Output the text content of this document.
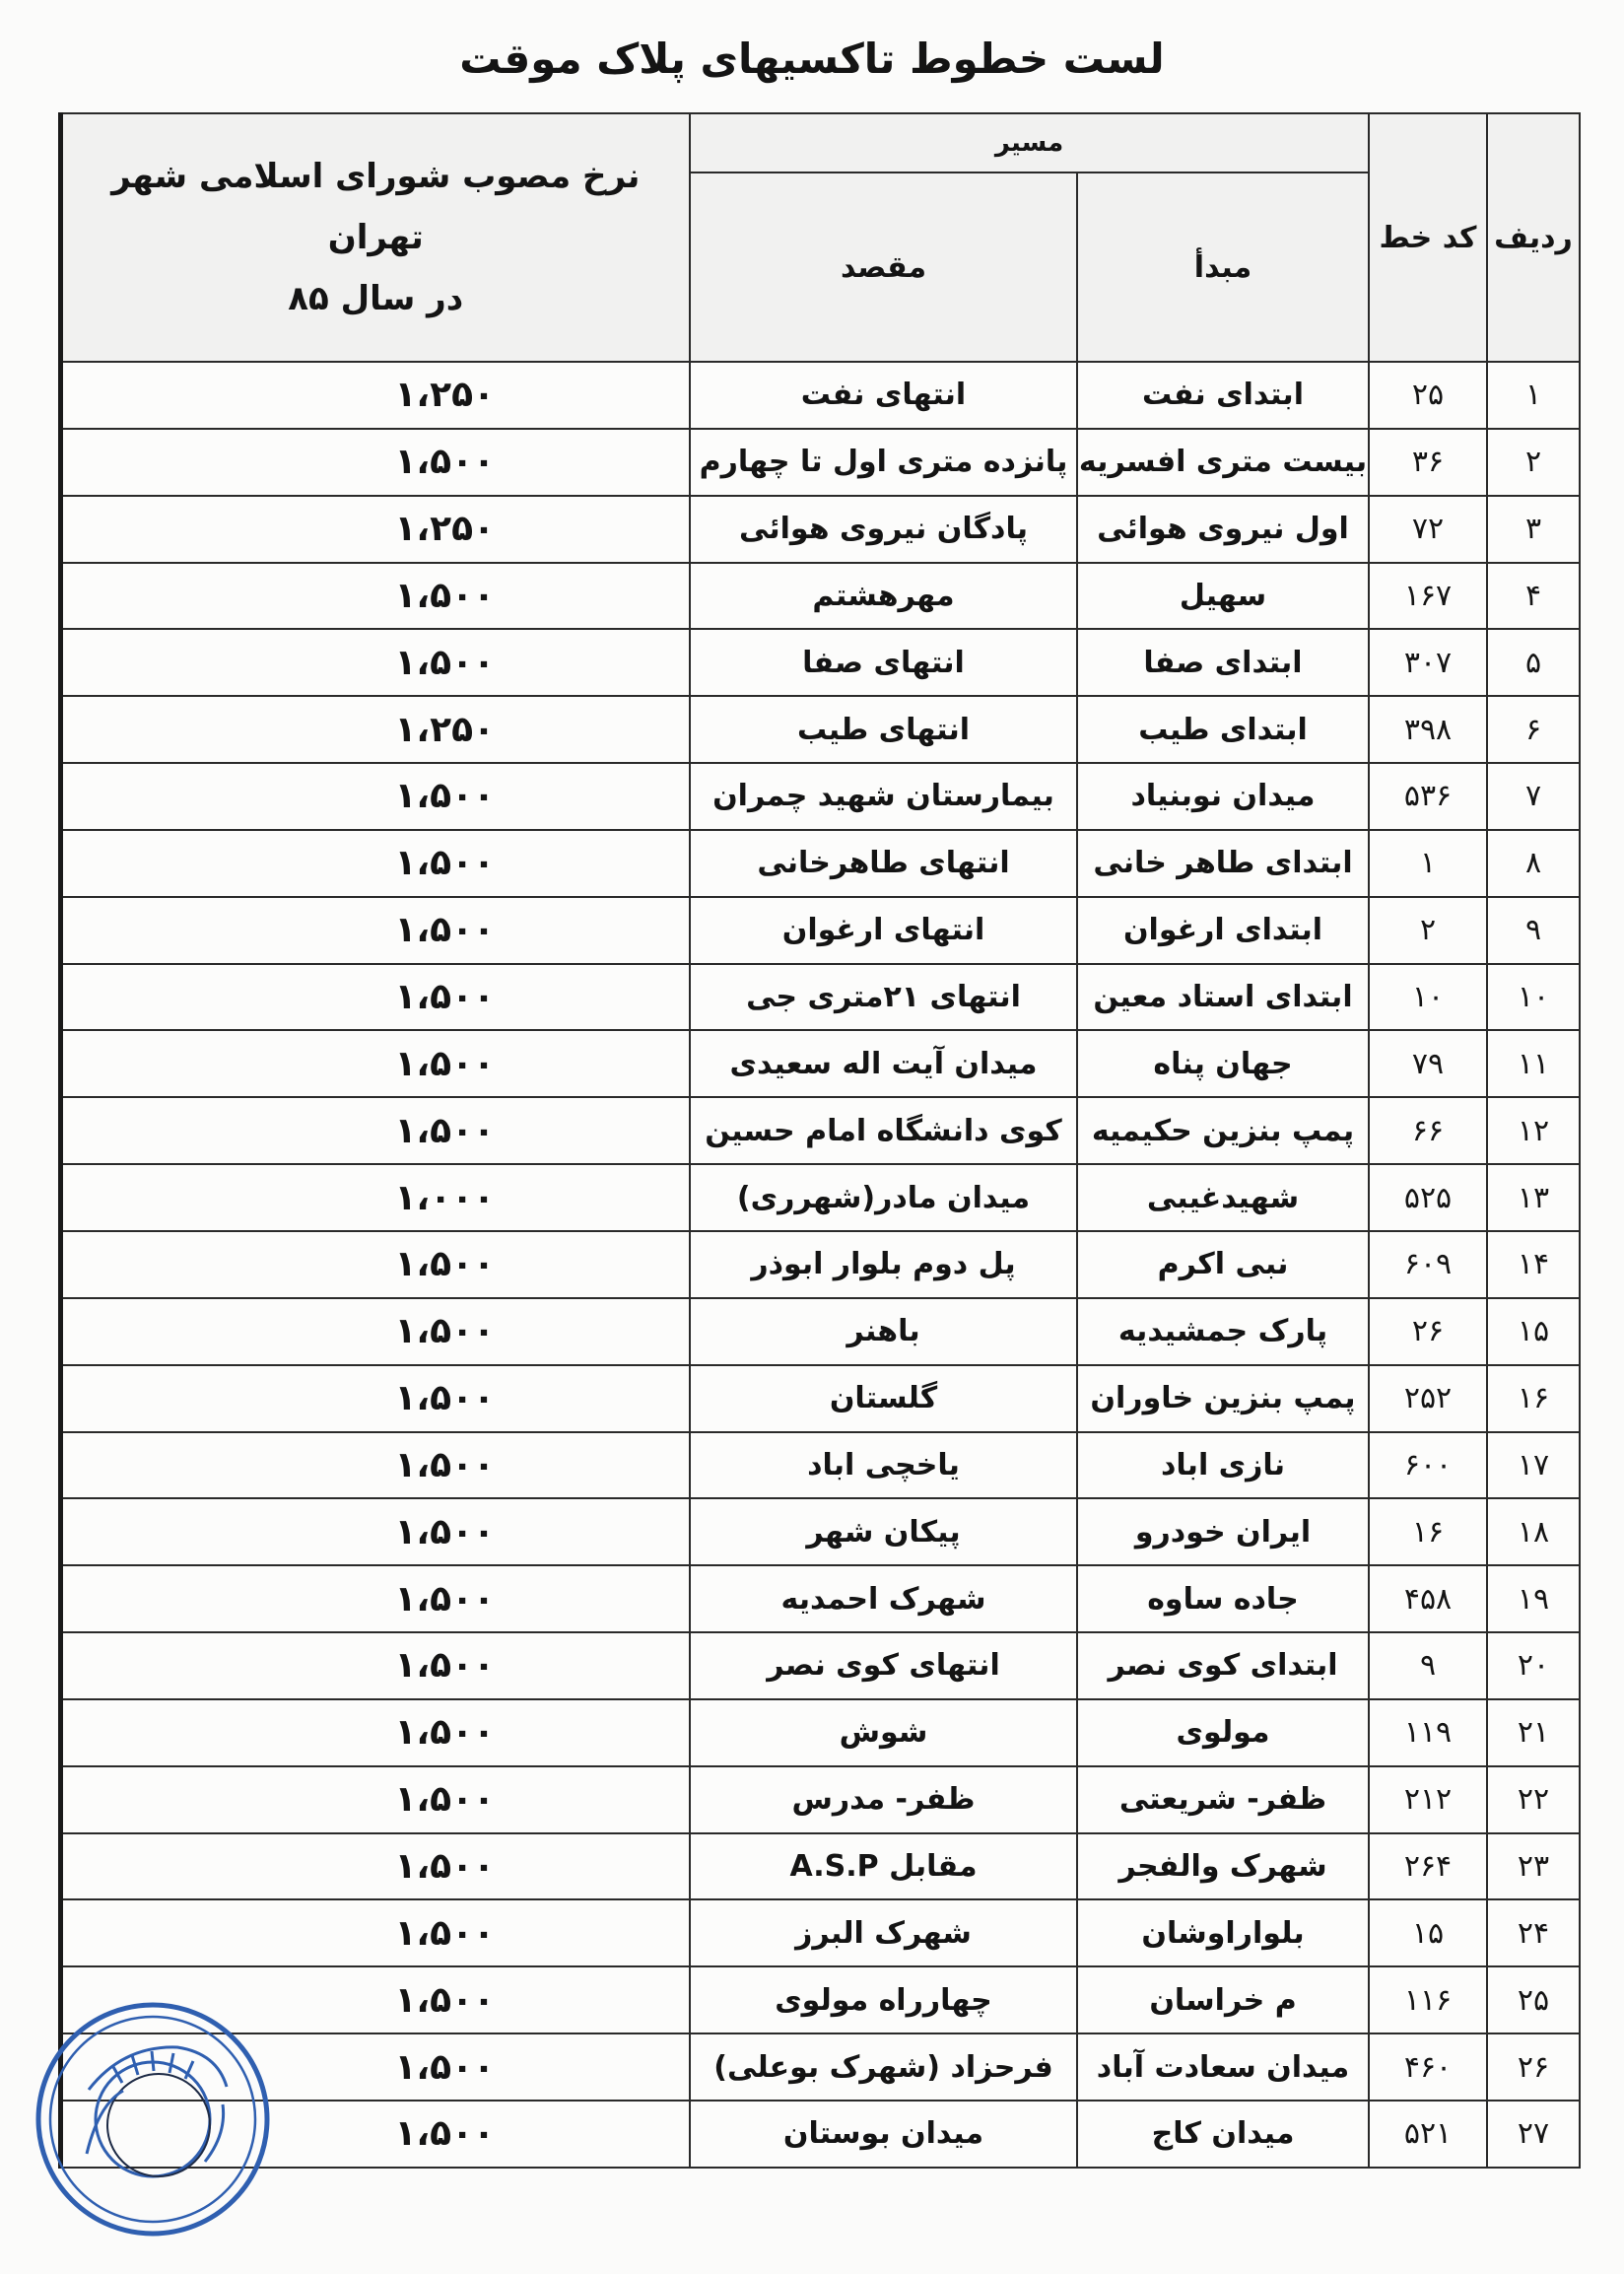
لست خطوط تاکسیهای پلاک موقت
ردیف	کد خط	مسیر		نرخ مصوب شورای اسلامی شهر تهران
در سال ۸۵

		مبدأ	مقصد	
۱	۲۵	ابتدای نفت	انتهای نفت	۱،۲۵۰
۲	۳۶	بیست متری افسریه	پانزده متری اول تا چهارم	۱،۵۰۰
۳	۷۲	اول نیروی هوائی	پادگان نیروی هوائی	۱،۲۵۰
۴	۱۶۷	سهیل	مهرهشتم	۱،۵۰۰
۵	۳۰۷	ابتدای صفا	انتهای صفا	۱،۵۰۰
۶	۳۹۸	ابتدای طیب	انتهای طیب	۱،۲۵۰
۷	۵۳۶	میدان نوبنیاد	بیمارستان شهید چمران	۱،۵۰۰
۸	۱	ابتدای طاهر خانی	انتهای طاهرخانی	۱،۵۰۰
۹	۲	ابتدای ارغوان	انتهای ارغوان	۱،۵۰۰
۱۰	۱۰	ابتدای استاد معین	انتهای ۲۱متری جی	۱،۵۰۰
۱۱	۷۹	جهان پناه	میدان آیت اله سعیدی	۱،۵۰۰
۱۲	۶۶	پمپ بنزین حکیمیه	کوی دانشگاه امام حسین	۱،۵۰۰
۱۳	۵۲۵	شهیدغیبی	میدان مادر(شهرری)	۱،۰۰۰
۱۴	۶۰۹	نبی اکرم	پل دوم بلوار ابوذر	۱،۵۰۰
۱۵	۲۶	پارک جمشیدیه	باهنر	۱،۵۰۰
۱۶	۲۵۲	پمپ بنزین خاوران	گلستان	۱،۵۰۰
۱۷	۶۰۰	نازی اباد	یاخچی اباد	۱،۵۰۰
۱۸	۱۶	ایران خودرو	پیکان شهر	۱،۵۰۰
۱۹	۴۵۸	جاده ساوه	شهرک احمدیه	۱،۵۰۰
۲۰	۹	ابتدای کوی نصر	انتهای کوی نصر	۱،۵۰۰
۲۱	۱۱۹	مولوی	شوش	۱،۵۰۰
۲۲	۲۱۲	ظفر- شریعتی	ظفر- مدرس	۱،۵۰۰
۲۳	۲۶۴	شهرک والفجر	مقابل A.S.P	۱،۵۰۰
۲۴	۱۵	بلواراوشان	شهرک البرز	۱،۵۰۰
۲۵	۱۱۶	م خراسان	چهارراه مولوی	۱،۵۰۰
۲۶	۴۶۰	میدان سعادت آباد	فرحزاد (شهرک بوعلی)	۱،۵۰۰
۲۷	۵۲۱	میدان کاج	میدان بوستان	۱،۵۰۰
